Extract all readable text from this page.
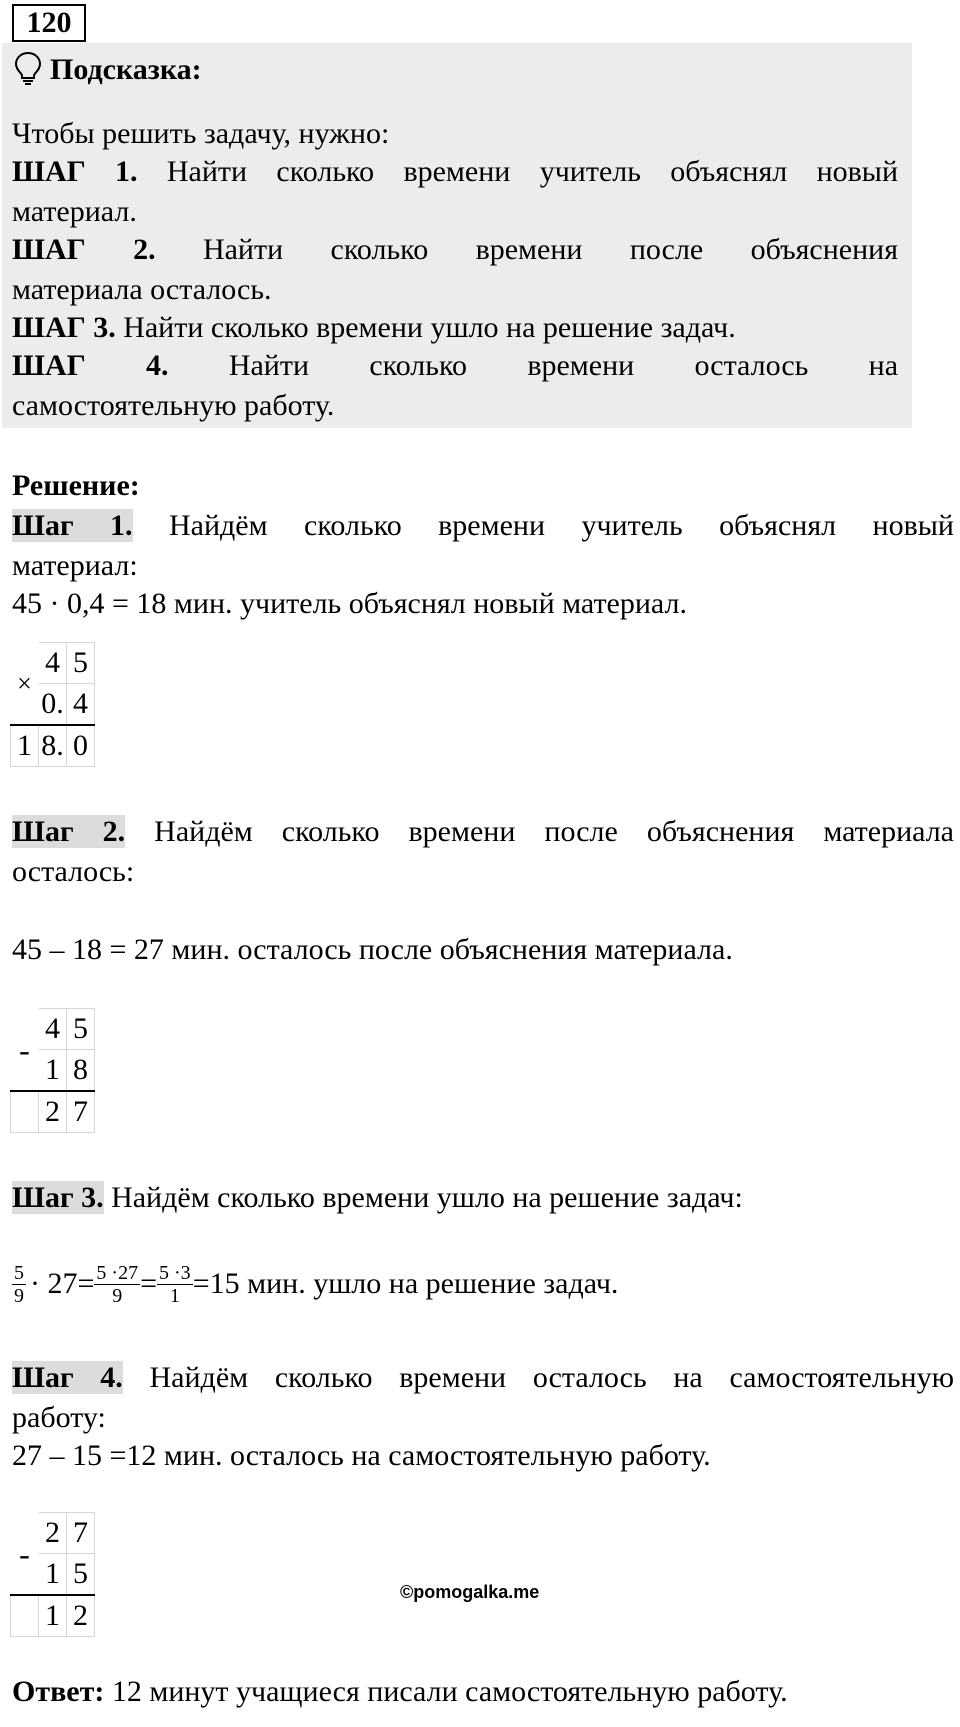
120
Подсказка:
Чтобы решить задачу, нужно:
ШАГ 1. Найти сколько времени учитель объяснял новый
материал.
ШАГ 2. Найти сколько времени после объяснения
материала осталось.
ШАГ 3. Найти сколько времени ушло на решение задач.
ШАГ 4. Найти сколько времени осталось на
самостоятельную работу.
Решение:
Шаг 1. Найдём сколько времени учитель объяснял новый
материал:
45 · 0,4 = 18 мин. учитель объяснял новый материал.
	4	5
×	0.	4
1	8.	0
Шаг 2. Найдём сколько времени после объяснения материала
осталось:
45 – 18 = 27 мин. осталось после объяснения материала.
	4	5
-	1	8
	2	7
Шаг 3. Найдём сколько времени ушло на решение задач:
$\frac{5}{9} \cdot 27= \frac{5 \cdot 27}{9} = \frac{5 \cdot 3}{1} =15$ мин. ушло на решение задач.
Шаг 4. Найдём сколько времени осталось на самостоятельную
работу:
27 – 15 =12 мин. осталось на самостоятельную работу.
	2	7
-	1	5
	1	2
©pomogalka.me
Ответ: 12 минут учащиеся писали самостоятельную работу.
